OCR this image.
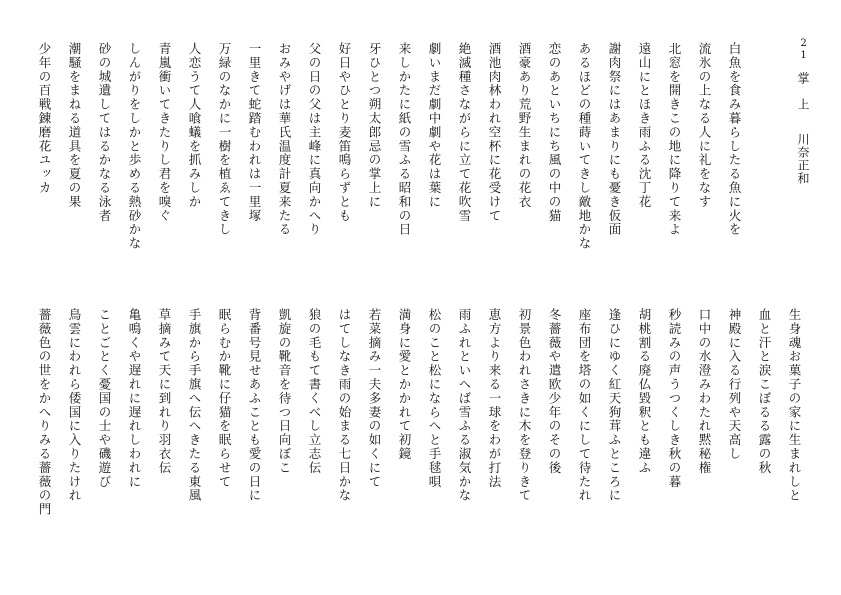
21掌　上川奈正和
白魚を食み暮らしたる魚に火を
流氷の上なる人に礼をなす
北窓を開きこの地に降りて来よ
遠山にとほき雨ふる沈丁花
謝肉祭にはあまりにも憂き仮面
あるほどの種蒔いてきし敵地かな
恋のあといちにち風の中の猫
酒豪あり荒野生まれの花衣
酒池肉林われ空杯に花受けて
絶滅種さながらに立て花吹雪
劇いまだ劇中劇や花は葉に
来しかたに紙の雪ふる昭和の日
牙ひとつ朔太郎忌の掌上に
好日やひとり麦笛鳴らずとも
父の日の父は主峰に真向かへり
おみやげは華氏温度計夏来たる
一里きて蛇踏むわれは一里塚
万緑のなかに一樹を植ゑてきし
人恋うて人喰蟻を抓みしか
青嵐衝いてきたりし君を嗅ぐ
しんがりをしかと歩める熱砂かな
砂の城遺してはるかなる泳者
潮騒をまねる道具を夏の果
少年の百戦錬磨花ユッカ
生身魂お菓子の家に生まれしと
血と汗と涙こぼるる露の秋
神殿に入る行列や天高し
口中の水澄みわたれ黙秘権
秒読みの声うつくしき秋の暮
胡桃割る廃仏毀釈とも違ふ
逢ひにゆく紅天狗茸ふところに
座布団を塔の如くにして待たれ
冬薔薇や遣欧少年のその後
初景色われさきに木を登りきて
恵方より来る一球をわが打法
雨ふれといへば雪ふる淑気かな
松のこと松にならへと手毬唄
満身に愛とかかれて初鏡
若菜摘み一夫多妻の如くにて
はてしなき雨の始まる七日かな
狼の毛もて書くべし立志伝
凱旋の靴音を待つ日向ぼこ
背番号見せあふことも愛の日に
眠らむか靴に仔猫を眠らせて
手旗から手旗へ伝へきたる東風
草摘みて天に到れり羽衣伝
亀鳴くや遅れに遅れしわれに
ことごとく憂国の士や磯遊び
鳥雲にわれら倭国に入りたけれ
薔薇色の世をかへりみる薔薇の門
